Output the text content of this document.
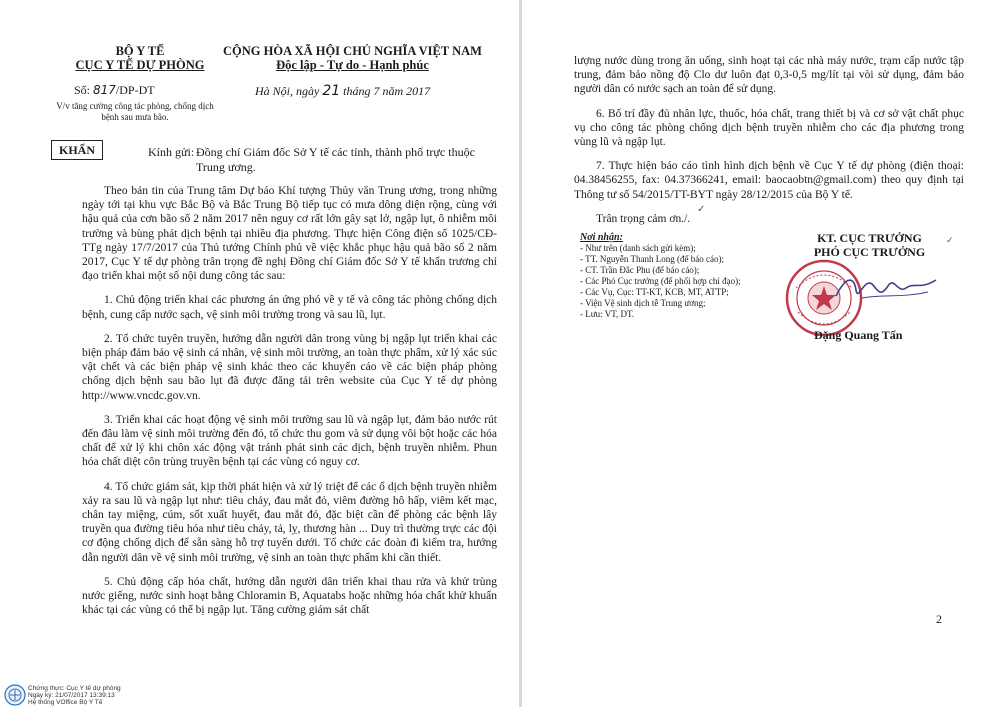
BỘ Y TẾ
CỤC Y TẾ DỰ PHÒNG
CỘNG HÒA XÃ HỘI CHỦ NGHĨA VIỆT NAM
Độc lập - Tự do - Hạnh phúc
Số: 817/DP-DT	Hà Nội, ngày 21 tháng 7 năm 2017
V/v tăng cường công tác phòng, chống dịch bệnh sau mưa bão.
KHẨN	Kính gửi: Đồng chí Giám đốc Sở Y tế các tỉnh, thành phố trực thuộc Trung ương.

Theo bản tin của Trung tâm Dự báo Khí tượng Thủy văn Trung ương, trong những ngày tới tại khu vực Bắc Bộ và Bắc Trung Bộ tiếp tục có mưa dông diện rộng, cùng với hậu quả của cơn bão số 2 năm 2017 nên nguy cơ rất lớn gây sạt lở, ngập lụt, ô nhiễm môi trường và bùng phát dịch bệnh tại nhiều địa phương. Thực hiện Công điện số 1025/CĐ-TTg ngày 17/7/2017 của Thủ tướng Chính phủ về việc khắc phục hậu quả bão số 2 năm 2017, Cục Y tế dự phòng trân trọng đề nghị Đồng chí Giám đốc Sở Y tế khẩn trương chỉ đạo triển khai một số nội dung công tác sau:

1. Chủ động triển khai các phương án ứng phó về y tế và công tác phòng chống dịch bệnh, cung cấp nước sạch, vệ sinh môi trường trong và sau lũ, lụt.

2. Tổ chức tuyên truyền, hướng dẫn người dân trong vùng bị ngập lụt triển khai các biện pháp đảm bảo vệ sinh cá nhân, vệ sinh môi trường, an toàn thực phẩm, xử lý xác súc vật chết và các biện pháp vệ sinh khác theo các khuyến cáo về các biện pháp phòng chống dịch bệnh sau bão lụt đã được đăng tải trên website của Cục Y tế dự phòng http://www.vncdc.gov.vn.

3. Triển khai các hoạt động vệ sinh môi trường sau lũ và ngập lụt, đảm bảo nước rút đến đâu làm vệ sinh môi trường đến đó, tổ chức thu gom và sử dụng vôi bột hoặc các hóa chất để xử lý khi chôn xác động vật tránh phát sinh các dịch, bệnh truyền nhiễm. Phun hóa chất diệt côn trùng truyền bệnh tại các vùng có nguy cơ.

4. Tổ chức giám sát, kịp thời phát hiện và xử lý triệt để các ổ dịch bệnh truyền nhiễm xảy ra sau lũ và ngập lụt như: tiêu chảy, đau mắt đỏ, viêm đường hô hấp, viêm kết mạc, chân tay miệng, cúm, sốt xuất huyết, đau mắt đỏ, đặc biệt cần để phòng các bệnh lây truyền qua đường tiêu hóa như tiêu chảy, tả, lỵ, thương hàn ... Duy trì thường trực các đội cơ động chống dịch để sẵn sàng hỗ trợ tuyến dưới. Tổ chức các đoàn đi kiểm tra, hướng dẫn người dân về vệ sinh môi trường, vệ sinh an toàn thực phẩm khi cần thiết.

5. Chủ động cấp hóa chất, hướng dẫn người dân triển khai thau rửa và khử trùng nước giếng, nước sinh hoạt bằng Chloramin B, Aquatabs hoặc những hóa chất khử khuẩn khác tại các vùng có thể bị ngập lụt. Tăng cường giám sát chất

Chứng thực: Cục Y tế dự phòng
Ngày ký: 21/07/2017 13:39:13
Hệ thống VOffice Bộ Y Tế

lượng nước dùng trong ăn uống, sinh hoạt tại các nhà máy nước, trạm cấp nước tập trung, đảm bảo nồng độ Clo dư luôn đạt 0,3-0,5 mg/lít tại vòi sử dụng, đảm bảo người dân có nước sạch an toàn để sử dụng.

6. Bố trí đầy đủ nhân lực, thuốc, hóa chất, trang thiết bị và cơ sở vật chất phục vụ cho công tác phòng chống dịch bệnh truyền nhiễm cho các địa phương trong vùng lũ và ngập lụt.

7. Thực hiện báo cáo tình hình dịch bệnh về Cục Y tế dự phòng (điện thoại: 04.38456255, fax: 04.37366241, email: baocaobtn@gmail.com) theo quy định tại Thông tư số 54/2015/TT-BYT ngày 28/12/2015 của Bộ Y tế.

Trân trọng cảm ơn./.

✓
Nơi nhận:
- Như trên (danh sách gửi kèm);
- TT. Nguyễn Thanh Long (để báo cáo);
- CT. Trần Đắc Phu (để báo cáo);
- Các Phó Cục trưởng (để phối hợp chỉ đạo);
- Các Vụ, Cục: TT-KT, KCB, MT, ATTP;
- Viện Vệ sinh dịch tễ Trung ương;
- Lưu: VT, DT.
KT. CỤC TRƯỞNG
PHÓ CỤC TRƯỞNG
✓
Đặng Quang Tấn
2
